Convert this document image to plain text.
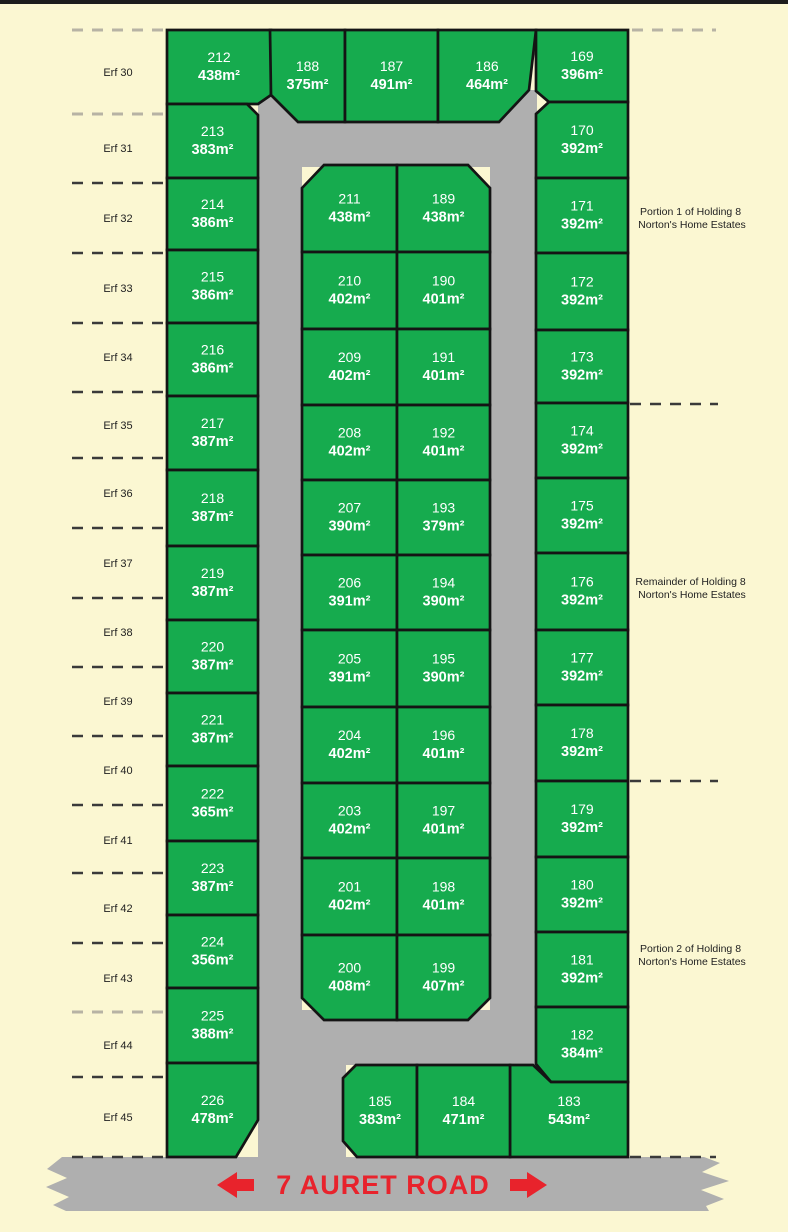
212
438m²
213
383m²
214
386m²
215
386m²
216
386m²
217
387m²
218
387m²
219
387m²
220
387m²
221
387m²
222
365m²
223
387m²
224
356m²
225
388m²
226
478m²
188
375m²
187
491m²
186
464m²
211
438m²
210
402m²
209
402m²
208
402m²
207
390m²
206
391m²
205
391m²
204
402m²
203
402m²
201
402m²
200
408m²
189
438m²
190
401m²
191
401m²
192
401m²
193
379m²
194
390m²
195
390m²
196
401m²
197
401m²
198
401m²
199
407m²
169
396m²
170
392m²
171
392m²
172
392m²
173
392m²
174
392m²
175
392m²
176
392m²
177
392m²
178
392m²
179
392m²
180
392m²
181
392m²
182
384m²
183
543m²
185
383m²
184
471m²
Erf 30
Erf 31
Erf 32
Erf 33
Erf 34
Erf 35
Erf 36
Erf 37
Erf 38
Erf 39
Erf 40
Erf 41
Erf 42
Erf 43
Erf 44
Erf 45
Portion 1 of Holding 8 Norton's Home Estates
Remainder of Holding 8 Norton's Home Estates
Portion 2 of Holding 8 Norton's Home Estates
7 AURET ROAD
